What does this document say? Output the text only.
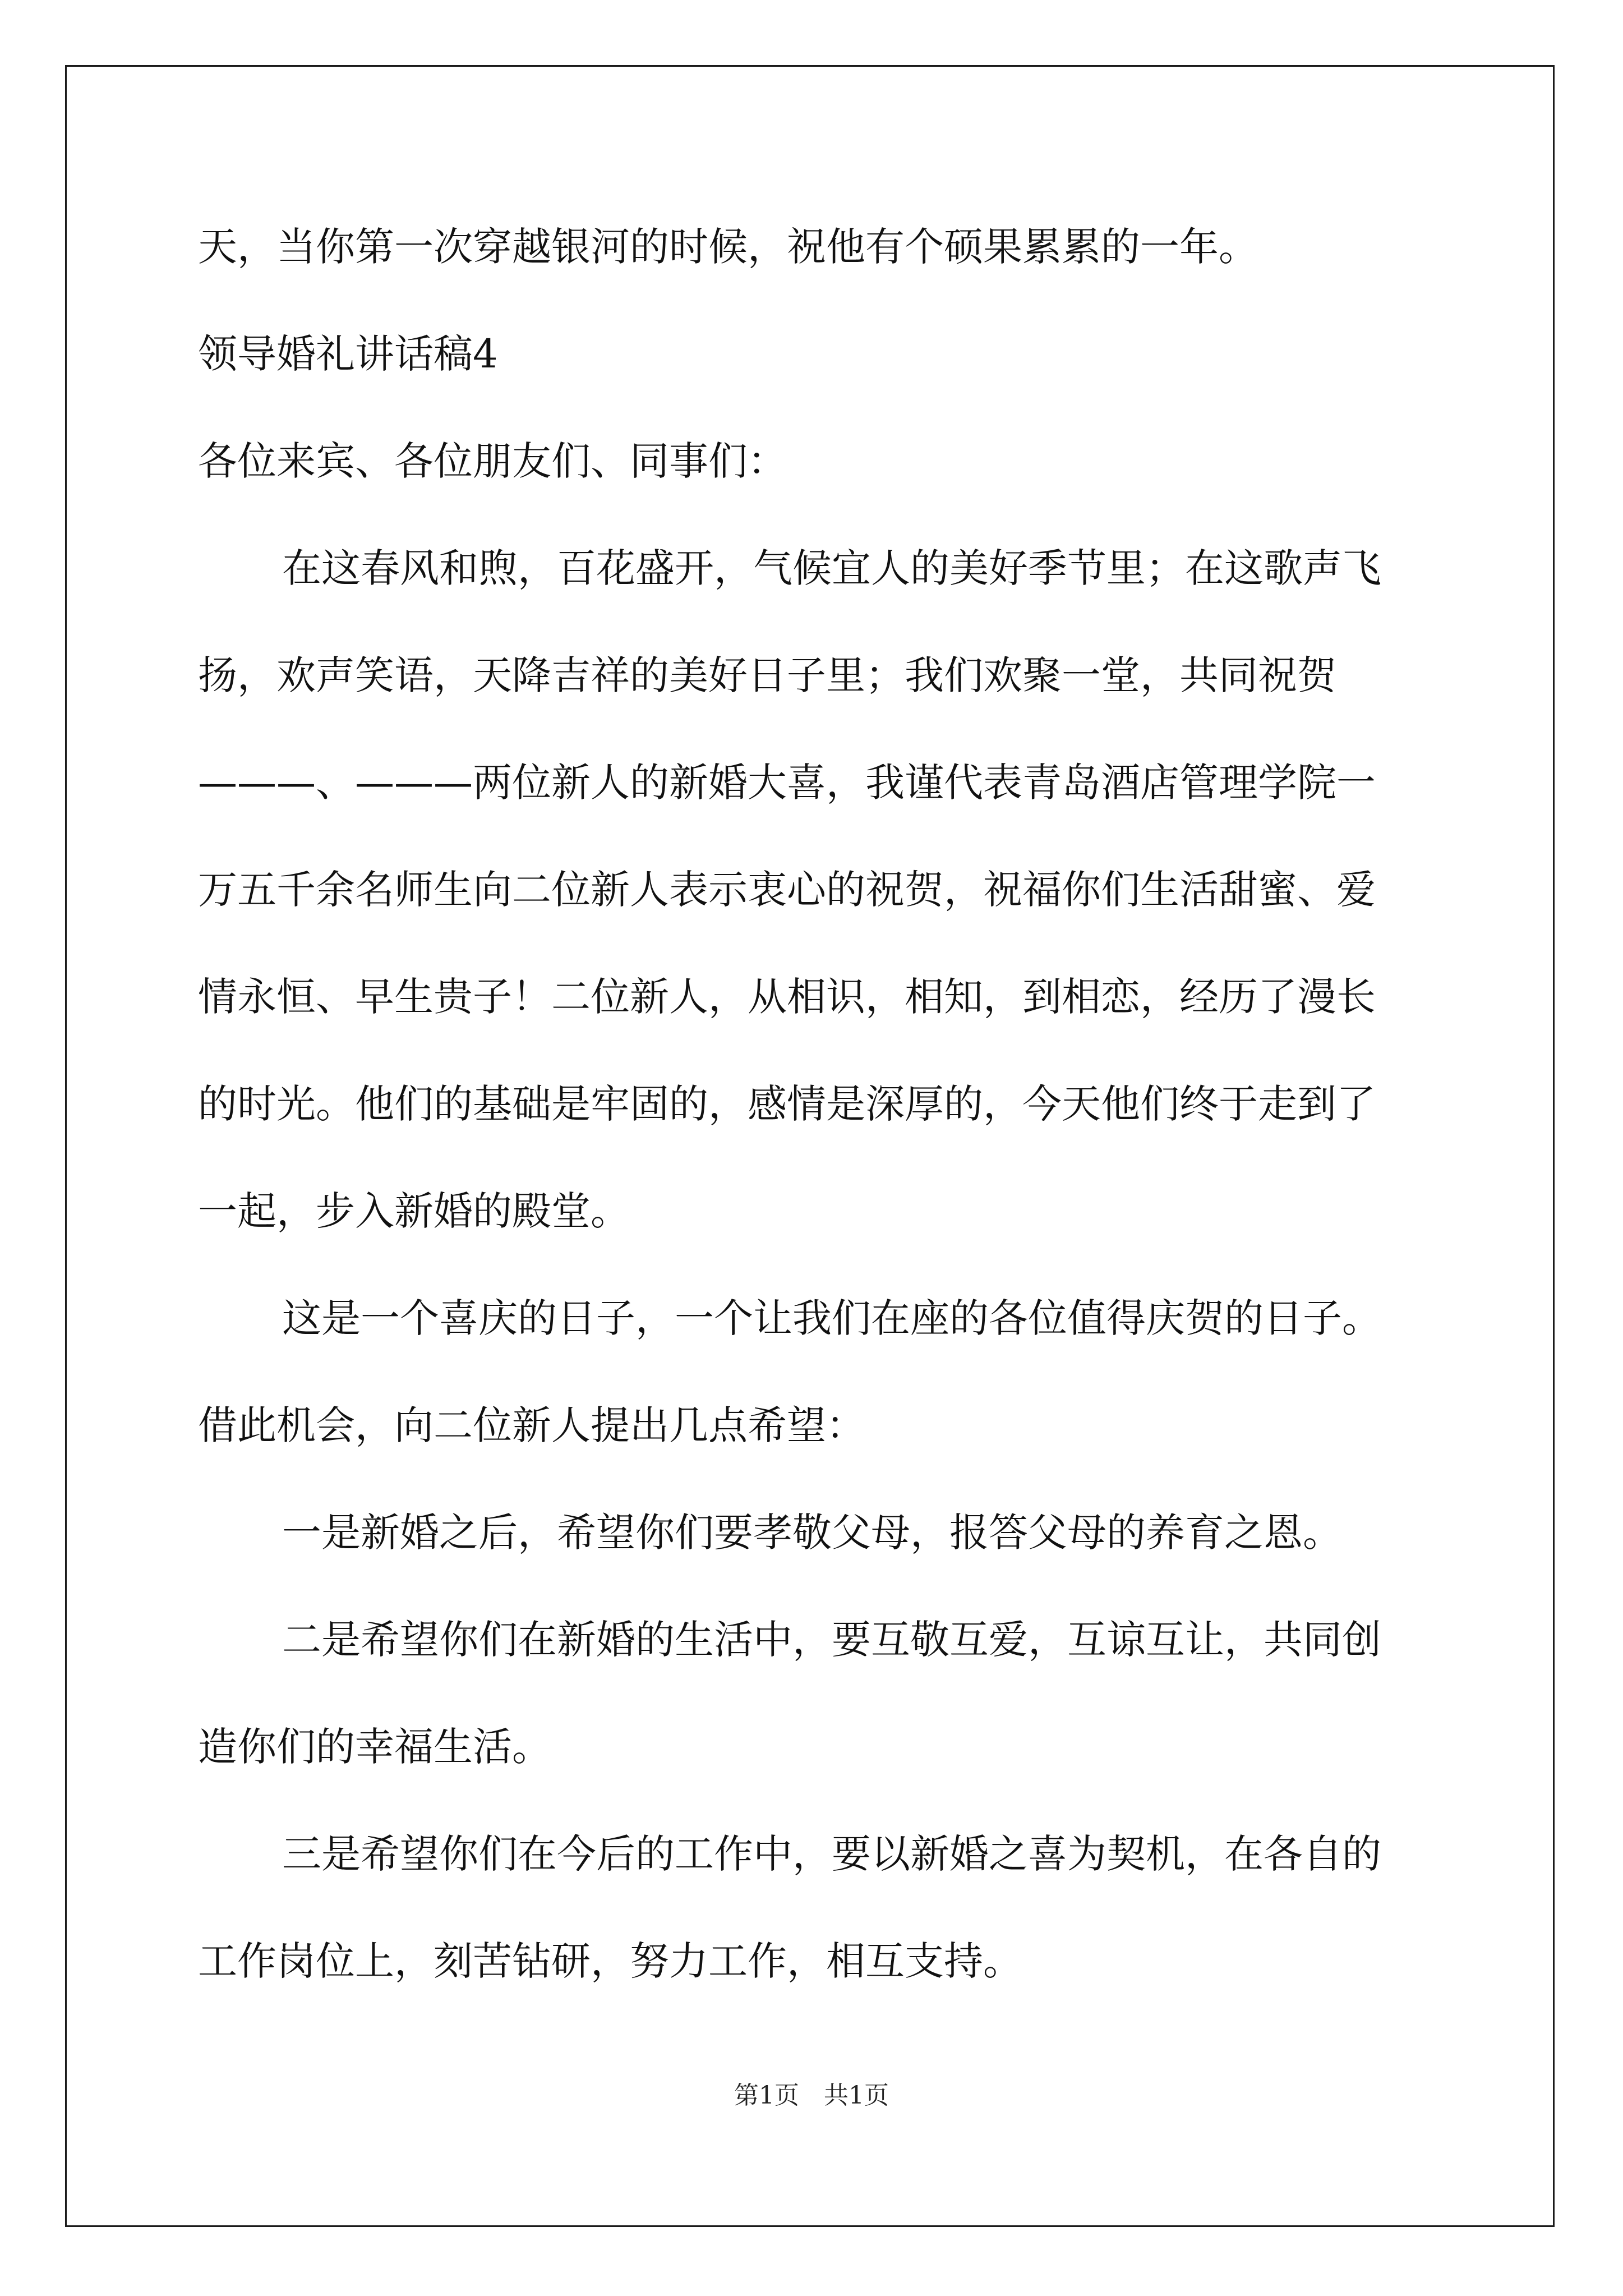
天，当你第一次穿越银河的时候，祝他有个硕果累累的一年。
领导婚礼讲话稿4
各位来宾、各位朋友们、同事们：
在这春风和煦，百花盛开，气候宜人的美好季节里；在这歌声飞
扬，欢声笑语，天降吉祥的美好日子里；我们欢聚一堂，共同祝贺
———、———两位新人的新婚大喜，我谨代表青岛酒店管理学院一
万五千余名师生向二位新人表示衷心的祝贺，祝福你们生活甜蜜、爱
情永恒、早生贵子！二位新人，从相识，相知，到相恋，经历了漫长
的时光。他们的基础是牢固的，感情是深厚的，今天他们终于走到了
一起，步入新婚的殿堂。
这是一个喜庆的日子，一个让我们在座的各位值得庆贺的日子。
借此机会，向二位新人提出几点希望：
一是新婚之后，希望你们要孝敬父母，报答父母的养育之恩。
二是希望你们在新婚的生活中，要互敬互爱，互谅互让，共同创
造你们的幸福生活。
三是希望你们在今后的工作中，要以新婚之喜为契机，在各自的
工作岗位上，刻苦钻研，努力工作，相互支持。
第1页 共1页
